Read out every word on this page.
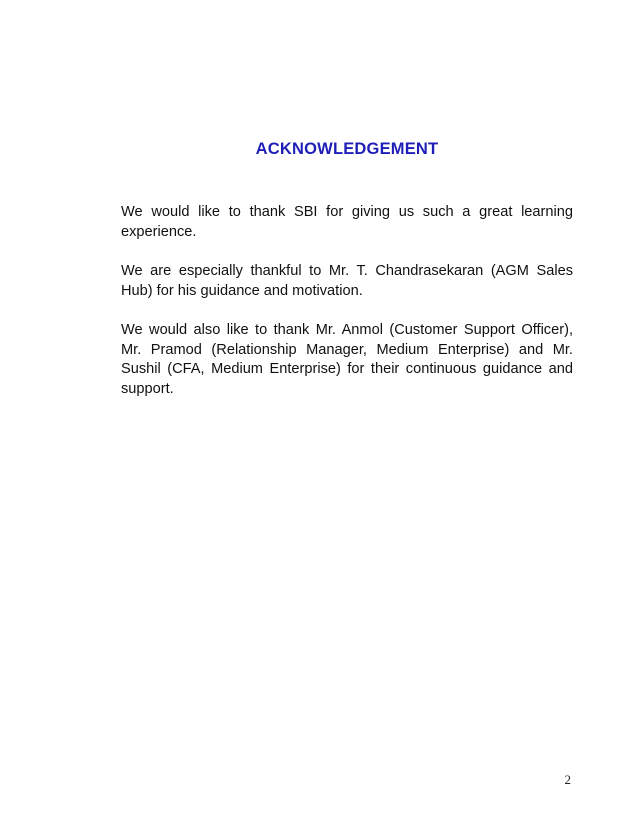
ACKNOWLEDGEMENT

We would like to thank SBI for giving us such a great learning experience.

We are especially thankful to Mr. T. Chandrasekaran (AGM Sales Hub) for his guidance and motivation.

We would also like to thank Mr. Anmol (Customer Support Officer), Mr. Pramod (Relationship Manager, Medium Enterprise) and Mr. Sushil (CFA, Medium Enterprise) for their continuous guidance and support.

2
